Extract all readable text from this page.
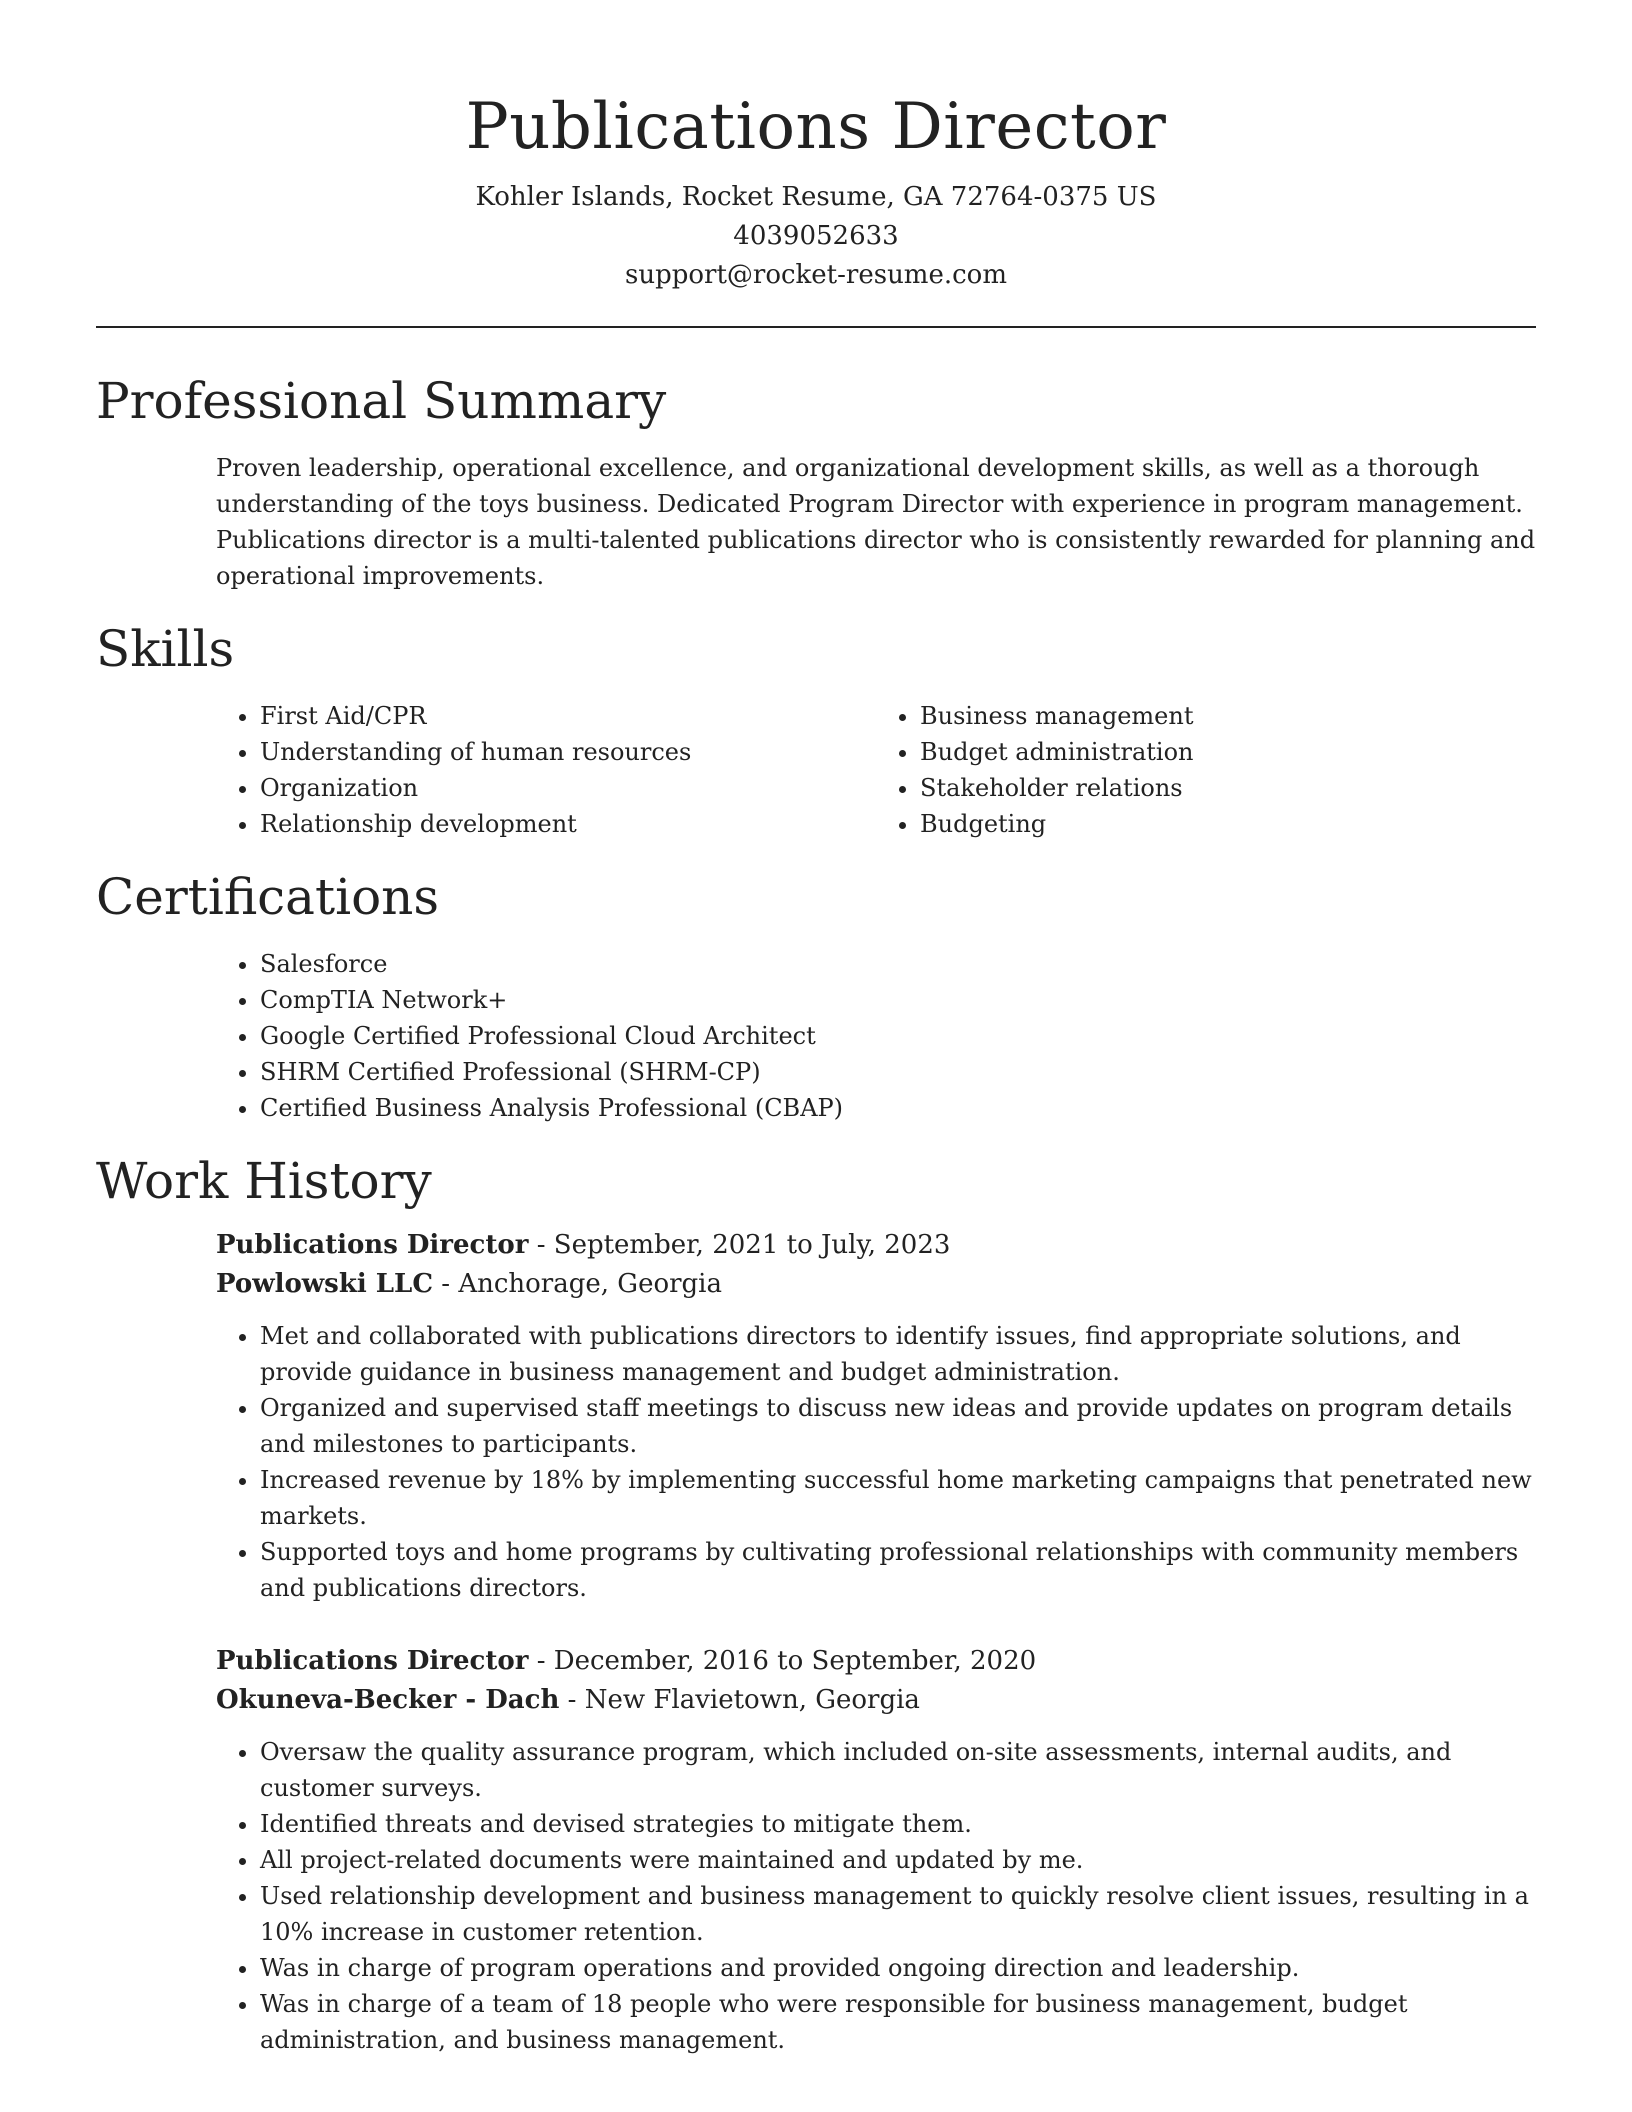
Publications Director
Kohler Islands, Rocket Resume, GA 72764-0375 US
4039052633
support@rocket-resume.com
Professional Summary

Proven leadership, operational excellence, and organizational development skills, as well as a thorough understanding of the toys business. Dedicated Program Director with experience in program management. Publications director is a multi-talented publications director who is consistently rewarded for planning and operational improvements.

Skills
• First Aid/CPR
• Understanding of human resources
• Organization
• Relationship development
• Business management
• Budget administration
• Stakeholder relations
• Budgeting
Certifications
• Salesforce
• CompTIA Network+
• Google Certified Professional Cloud Architect
• SHRM Certified Professional (SHRM-CP)
• Certified Business Analysis Professional (CBAP)
Work History
Publications Director - September, 2021 to July, 2023
Powlowski LLC - Anchorage, Georgia
• Met and collaborated with publications directors to identify issues, find appropriate solutions, and provide guidance in business management and budget administration.
• Organized and supervised staff meetings to discuss new ideas and provide updates on program details and milestones to participants.
• Increased revenue by 18% by implementing successful home marketing campaigns that penetrated new markets.
• Supported toys and home programs by cultivating professional relationships with community members and publications directors.
Publications Director - December, 2016 to September, 2020
Okuneva-Becker - Dach - New Flavietown, Georgia
• Oversaw the quality assurance program, which included on-site assessments, internal audits, and customer surveys.
• Identified threats and devised strategies to mitigate them.
• All project-related documents were maintained and updated by me.
• Used relationship development and business management to quickly resolve client issues, resulting in a 10% increase in customer retention.
• Was in charge of program operations and provided ongoing direction and leadership.
• Was in charge of a team of 18 people who were responsible for business management, budget administration, and business management.
